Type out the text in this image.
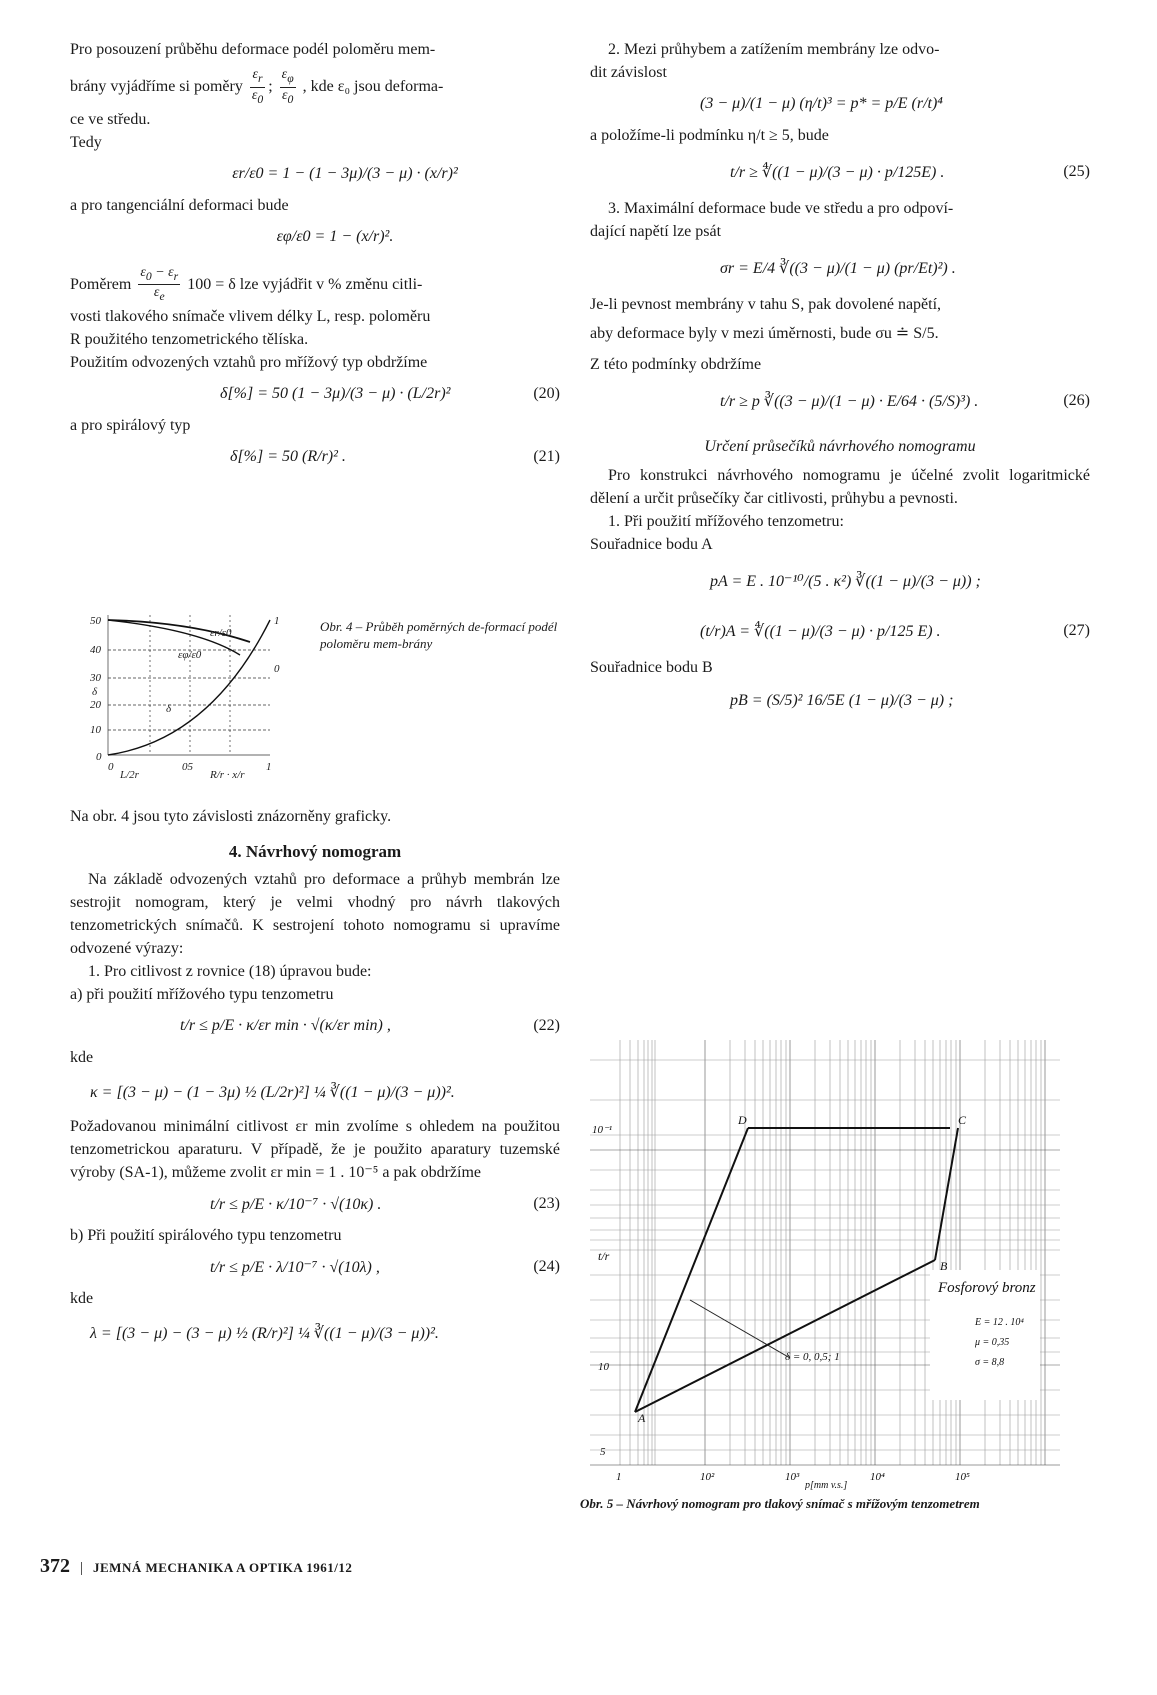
Pro posouzení průběhu deformace podél poloměru mem-

brány vyjádříme si poměry $\frac{\varepsilon_r}{\varepsilon_0}$ ; $\frac{\varepsilon_\varphi}{\varepsilon_0}$ , kde ε₀ jsou deforma-

ce ve středu.

Tedy

εr/ε0 = 1 − (1 − 3μ)/(3 − μ) · (x/r)²

a pro tangenciální deformaci bude

εφ/ε0 = 1 − (x/r)².
Poměrem $\frac{\varepsilon_0 - \varepsilon_r}{\varepsilon_e} 100 = \delta$ lze vyjádřit v % změnu citli-

vosti tlakového snímače vlivem délky L, resp. poloměru

R použitého tenzometrického tělíska.

Použitím odvozených vztahů pro mřížový typ obdržíme

δ[%] = 50 (1 − 3μ)/(3 − μ) · (L/2r)²	(20)

a pro spirálový typ

δ[%] = 50 (R/r)² .	(21)
50
40
30
20
10
0
δ
0	05	1
L/2r	R/r · x/r
εr/ε0
εφ/ε0
δ
1
0
Obr. 4 – Průběh poměrných de-formací podél poloměru mem-brány

Na obr. 4 jsou tyto závislosti znázorněny graficky.

4. Návrhový nomogram

Na základě odvozených vztahů pro deformace a průhyb membrán lze sestrojit nomogram, který je velmi vhodný pro návrh tlakových tenzometrických snímačů. K sestrojení tohoto nomogramu si upravíme odvozené výrazy:

1. Pro citlivost z rovnice (18) úpravou bude:

a) při použití mřížového typu tenzometru

t/r ≤ p/E · κ/εr min · √(κ/εr min) ,	(22)

kde

κ = [(3 − μ) − (1 − 3μ) ½ (L/2r)²] ¼ ∛((1 − μ)/(3 − μ))².

Požadovanou minimální citlivost εr min zvolíme s ohledem na použitou tenzometrickou aparaturu. V případě, že je použito aparatury tuzemské výroby (SA-1), můžeme zvolit εr min = 1 . 10⁻⁵ a pak obdržíme

t/r ≤ p/E · κ/10⁻⁷ · √(10κ) .	(23)

b) Při použití spirálového typu tenzometru

t/r ≤ p/E · λ/10⁻⁷ · √(10λ) ,	(24)

kde

λ = [(3 − μ) − (3 − μ) ½ (R/r)²] ¼ ∛((1 − μ)/(3 − μ))².

2. Mezi průhybem a zatížením membrány lze odvo-

dit závislost

(3 − μ)/(1 − μ) (η/t)³ = p* = p/E (r/t)⁴

a položíme-li podmínku η/t ≥ 5, bude

t/r ≥ ∜((1 − μ)/(3 − μ) · p/125E) .	(25)

3. Maximální deformace bude ve středu a pro odpoví-

dající napětí lze psát

σr = E/4 ∛((3 − μ)/(1 − μ) (pr/Et)²) .

Je-li pevnost membrány v tahu S, pak dovolené napětí,

aby deformace byly v mezi úměrnosti, bude σu ≐ S/5.

Z této podmínky obdržíme

t/r ≥ p ∛((3 − μ)/(1 − μ) · E/64 · (5/S)³) .	(26)
Určení průsečíků návrhového nomogramu

Pro konstrukci návrhového nomogramu je účelné zvolit logaritmické dělení a určit průsečíky čar citlivosti, průhybu a pevnosti.

1. Při použití mřížového tenzometru:

Souřadnice bodu A

pA = E . 10⁻¹⁰/(5 . κ²) ∛((1 − μ)/(3 − μ)) ;
(t/r)A = ∜((1 − μ)/(3 − μ) · p/125 E) .	(27)

Souřadnice bodu B

pB = (S/5)² 16/5E (1 − μ)/(3 − μ) ;
10⁻¹
10
5
t/r
1	10²	10³	10⁴	10⁵
p[mm v.s.]
A
B
C
D
Fosforový bronz
E = 12 . 10⁴
μ = 0,35
σ = 8,8
δ = 0, 0,5; 1
Obr. 5 – Návrhový nomogram pro tlakový snímač s mřížovým tenzometrem
372 | JEMNÁ MECHANIKA A OPTIKA 1961/12
